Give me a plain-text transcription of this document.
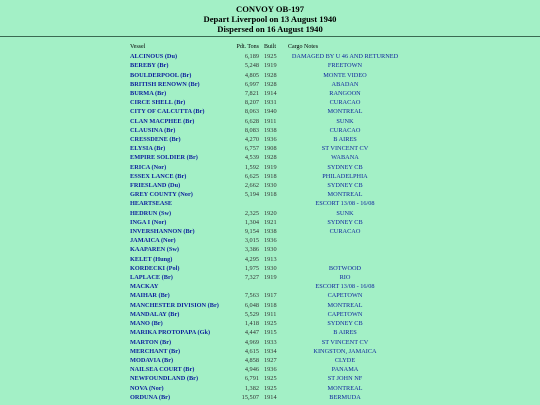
CONVOY OB-197
Depart Liverpool on 13 August 1940
Dispersed on 16 August 1940
Vessel	Pdt. Tons	Built	Cargo Notes
ALCINOUS (Du)	6,189	1925	DAMAGED BY U 46 AND RETURNED
BEREBY (Br)	5,248	1919	FREETOWN
BOULDERPOOL (Br)	4,805	1928	MONTE VIDEO
BRITISH RENOWN (Br)	6,997	1928	ABADAN
BURMA (Br)	7,821	1914	RANGOON
CIRCE SHELL (Br)	8,207	1931	CURACAO
CITY OF CALCUTTA (Br)	8,063	1940	MONTREAL
CLAN MACPHEE (Br)	6,628	1911	SUNK
CLAUSINA (Br)	8,083	1938	CURACAO
CRESSDENE (Br)	4,270	1936	B AIRES
ELYSIA (Br)	6,757	1908	ST VINCENT CV
EMPIRE SOLDIER (Br)	4,539	1928	WABANA
ERICA (Nor)	1,592	1919	SYDNEY CB
ESSEX LANCE (Br)	6,625	1918	PHILADELPHIA
FRIESLAND (Du)	2,662	1930	SYDNEY CB
GREY COUNTY (Nor)	5,194	1918	MONTREAL
HEARTSEASE			ESCORT 13/08 - 16/08
HEDRUN (Sw)	2,325	1920	SUNK
INGA I (Nor)	1,304	1921	SYDNEY CB
INVERSHANNON (Br)	9,154	1938	CURACAO
JAMAICA (Nor)	3,015	1936	
KAAPAREN (Sw)	3,386	1930	
KELET (Hung)	4,295	1913	
KORDECKI (Pol)	1,975	1930	BOTWOOD
LAPLACE (Br)	7,327	1919	RIO
MACKAY			ESCORT 13/08 - 16/08
MAIHAR (Br)	7,563	1917	CAPETOWN
MANCHESTER DIVISION (Br)	6,048	1918	MONTREAL
MANDALAY (Br)	5,529	1911	CAPETOWN
MANO (Br)	1,418	1925	SYDNEY CB
MARIKA PROTOPAPA (Gk)	4,447	1915	B AIRES
MARTON (Br)	4,969	1933	ST VINCENT CV
MERCHANT (Br)	4,615	1934	KINGSTON, JAMAICA
MODAVIA (Br)	4,858	1927	CLYDE
NAILSEA COURT (Br)	4,946	1936	PANAMA
NEWFOUNDLAND (Br)	6,791	1925	ST JOHN NF
NOVA (Nor)	1,382	1925	MONTREAL
ORDUNA (Br)	15,507	1914	BERMUDA
